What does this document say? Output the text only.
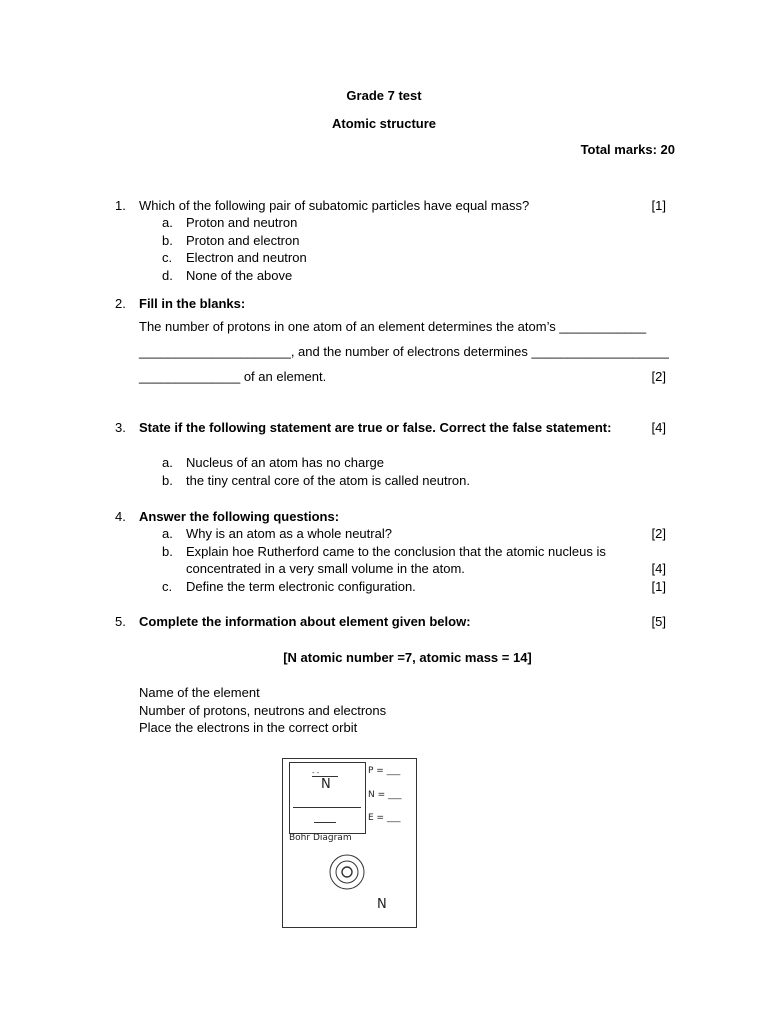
Grade 7 test
Atomic structure
Total marks: 20
1. Which of the following pair of subatomic particles have equal mass?	[1]
a. Proton and neutron
b. Proton and electron
c. Electron and neutron
d. None of the above
2. Fill in the blanks:
The number of protons in one atom of an element determines the atom’s ____________
_____________________, and the number of electrons determines ___________________
______________ of an element.	[2]
3. State if the following statement are true or false. Correct the false statement:	[4]
a. Nucleus of an atom has no charge
b. the tiny central core of the atom is called neutron.
4. Answer the following questions:
a. Why is an atom as a whole neutral?	[2]
b. Explain hoe Rutherford came to the conclusion that the atomic nucleus is
concentrated in a very small volume in the atom.	[4]
c. Define the term electronic configuration.	[1]
5. Complete the information about element given below:	[5]
[N atomic number =7, atomic mass = 14]
Name of the element
Number of protons, neutrons and electrons
Place the electrons in the correct orbit
- -
N
P = ___
N = ___
E = ___
Bohr Diagram
N
